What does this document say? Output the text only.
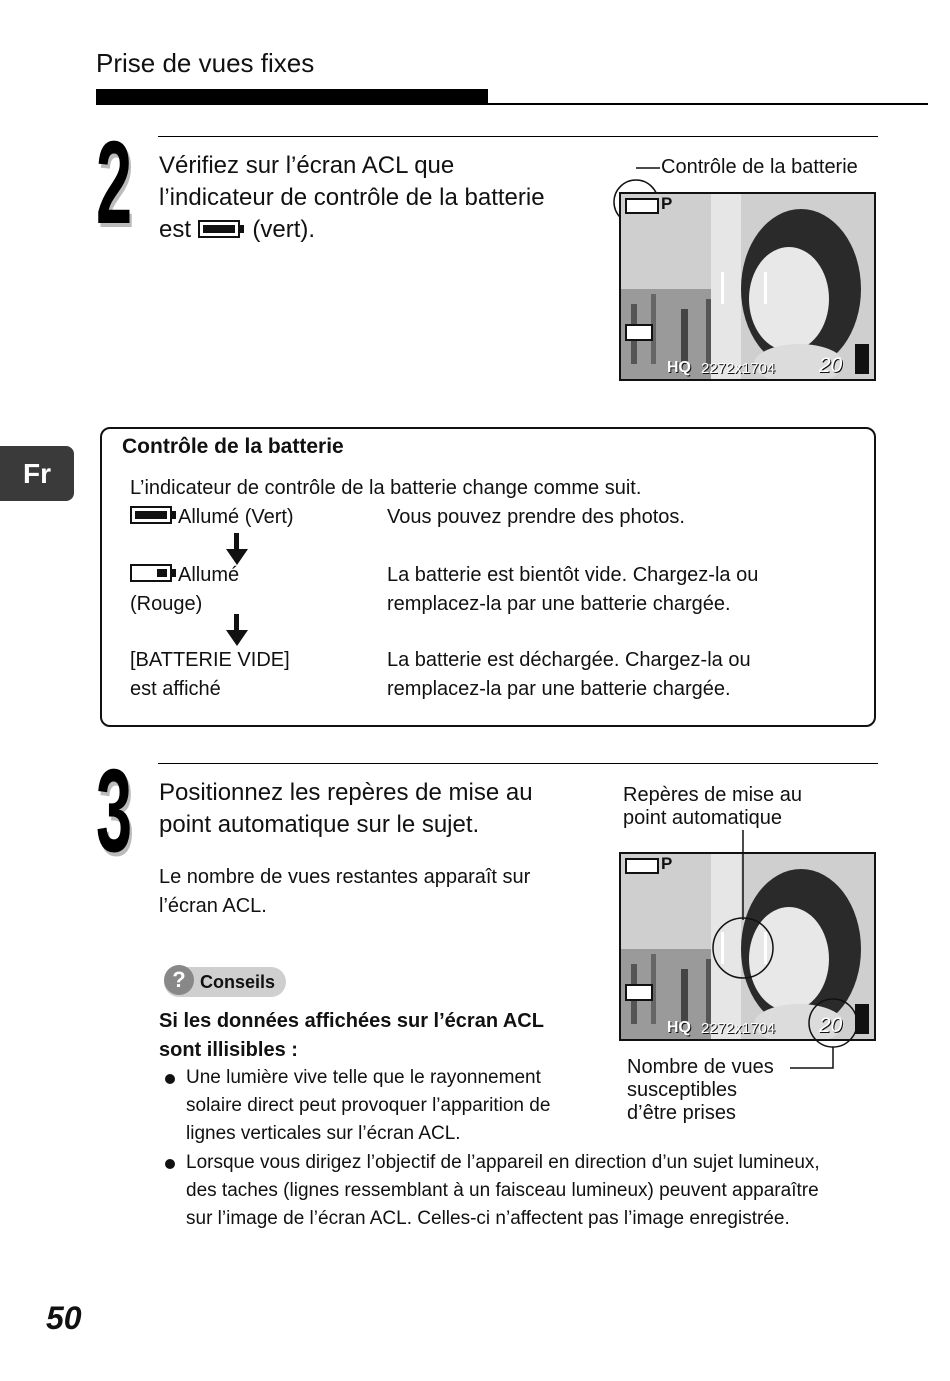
Prise de vues fixes
Fr
2 Vérifiez sur l’écran ACL que
l’indicateur de contrôle de la batterie
est	(vert).
Contrôle de la batterie
P
HQ 2272x1704 20
Contrôle de la batterie
L’indicateur de contrôle de la batterie change comme suit.
Allumé (Vert)	Vous pouvez prendre des photos.
Allumé
(Rouge)
La batterie est bientôt vide. Chargez-la ou
remplacez-la par une batterie chargée.
[BATTERIE VIDE]
est affiché
La batterie est déchargée. Chargez-la ou
remplacez-la par une batterie chargée.
3 Positionnez les repères de mise au
point automatique sur le sujet.
Le nombre de vues restantes apparaît sur
l’écran ACL.
Repères de mise au
point automatique
P
HQ 2272x1704 20
Nombre de vues
susceptibles
d’être prises
? Conseils
Si les données affichées sur l’écran ACL
sont illisibles :
Une lumière vive telle que le rayonnement
solaire direct peut provoquer l’apparition de
lignes verticales sur l’écran ACL.
Lorsque vous dirigez l’objectif de l’appareil en direction d’un sujet lumineux,
des taches (lignes ressemblant à un faisceau lumineux) peuvent apparaître
sur l’image de l’écran ACL. Celles-ci n’affectent pas l’image enregistrée.
50
